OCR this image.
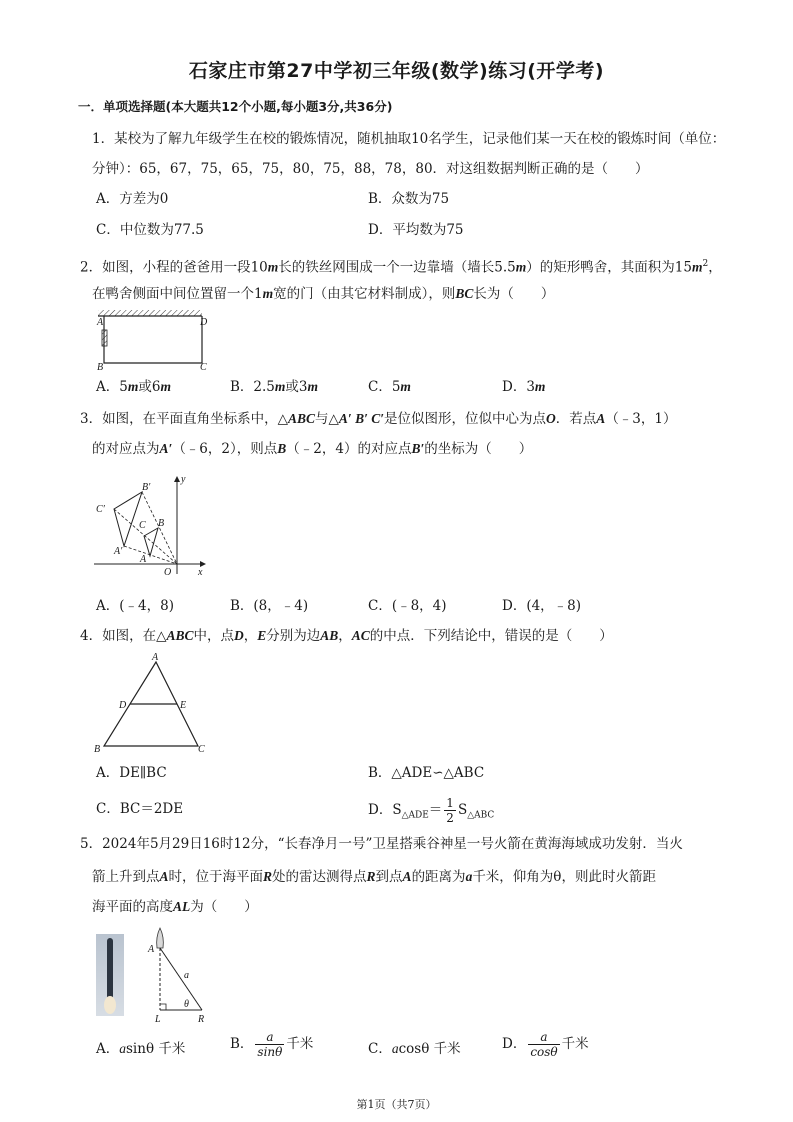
石家庄市第27中学初三年级(数学)练习(开学考)
一．单项选择题(本大题共12个小题,每小题3分,共36分)
1．某校为了解九年级学生在校的锻炼情况，随机抽取10名学生，记录他们某一天在校的锻炼时间（单位：
分钟）：65，67，75，65，75，80，75，88，78，80．对这组数据判断正确的是（　　）
A．方差为0	B．众数为75
C．中位数为77.5	D．平均数为75
2．如图，小程的爸爸用一段10m长的铁丝网围成一个一边靠墙（墙长5.5m）的矩形鸭舍，其面积为$15m^2$，
在鸭舍侧面中间位置留一个1m宽的门（由其它材料制成），则BC长为（　　）
A	D
B	C
A．5m或6m	B．2.5m或3m	C．5m	D．3m
3．如图，在平面直角坐标系中，△ABC与△A′ B′ C′是位似图形，位似中心为点O．若点A（﹣3，1）
的对应点为A′（﹣6，2），则点B（﹣2，4）的对应点B′的坐标为（　　）
C′
B′
C B
A′
A
O	x
y
A．(﹣4，8)	B．(8，﹣4)	C．(﹣8，4)	D．(4，﹣8)
4．如图，在△ABC中，点D，E分别为边AB，AC的中点．下列结论中，错误的是（　　）
A
D	E
B	C
A．DE∥BC	B．△ADE∽△ABC
C．BC＝2DE	D．$S_{\triangle ADE}= \frac{1}{2} S_{\triangle ABC}$
5．2024年5月29日16时12分，“长春净月一号”卫星搭乘谷神星一号火箭在黄海海域成功发射．当火
箭上升到点A时，位于海平面R处的雷达测得点R到点A的距离为a千米，仰角为θ，则此时火箭距
海平面的高度AL为（　　）
A
a
θ
L	R
A．asinθ 千米	B． $\frac{a}{\sin\theta}$ 千米	C．acosθ 千米	D． $\frac{a}{\cos\theta}$ 千米
第1页（共7页）
